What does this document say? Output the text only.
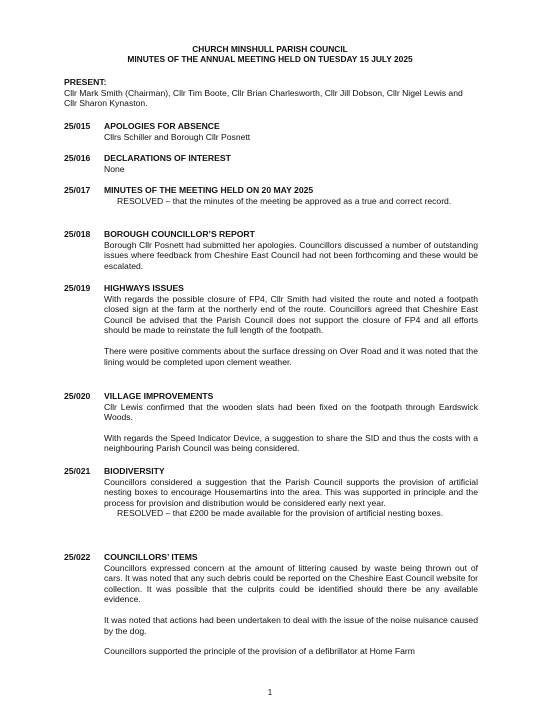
CHURCH MINSHULL PARISH COUNCIL
MINUTES OF THE ANNUAL MEETING HELD ON TUESDAY 15 JULY 2025
PRESENT:
Cllr Mark Smith (Chairman), Cllr Tim Boote, Cllr Brian Charlesworth, Cllr Jill Dobson, Cllr Nigel Lewis and Cllr Sharon Kynaston.
25/015	APOLOGIES FOR ABSENCE
Cllrs Schiller and Borough Cllr Posnett
25/016	DECLARATIONS OF INTEREST
None
25/017	MINUTES OF THE MEETING HELD ON 20 MAY 2025
RESOLVED – that the minutes of the meeting be approved as a true and correct record.
25/018	BOROUGH COUNCILLOR’S REPORT
Borough Cllr Posnett had submitted her apologies. Councillors discussed a number of outstanding issues where feedback from Cheshire East Council had not been forthcoming and these would be escalated.
25/019	HIGHWAYS ISSUES
With regards the possible closure of FP4, Cllr Smith had visited the route and noted a footpath closed sign at the farm at the northerly end of the route. Councillors agreed that Cheshire East Council be advised that the Parish Council does not support the closure of FP4 and all efforts should be made to reinstate the full length of the footpath.
There were positive comments about the surface dressing on Over Road and it was noted that the lining would be completed upon clement weather.
25/020	VILLAGE IMPROVEMENTS
Cllr Lewis confirmed that the wooden slats had been fixed on the footpath through Eardswick Woods.
With regards the Speed Indicator Device, a suggestion to share the SID and thus the costs with a neighbouring Parish Council was being considered.
25/021	BIODIVERSITY
Councillors considered a suggestion that the Parish Council supports the provision of artificial nesting boxes to encourage Housemartins into the area. This was supported in principle and the process for provision and distribution would be considered early next year.
RESOLVED – that £200 be made available for the provision of artificial nesting boxes.
25/022	COUNCILLORS’ ITEMS
Councillors expressed concern at the amount of littering caused by waste being thrown out of cars. It was noted that any such debris could be reported on the Cheshire East Council website for collection. It was possible that the culprits could be identified should there be any available evidence.
It was noted that actions had been undertaken to deal with the issue of the noise nuisance caused by the dog.
Councillors supported the principle of the provision of a defibrillator at Home Farm
1
